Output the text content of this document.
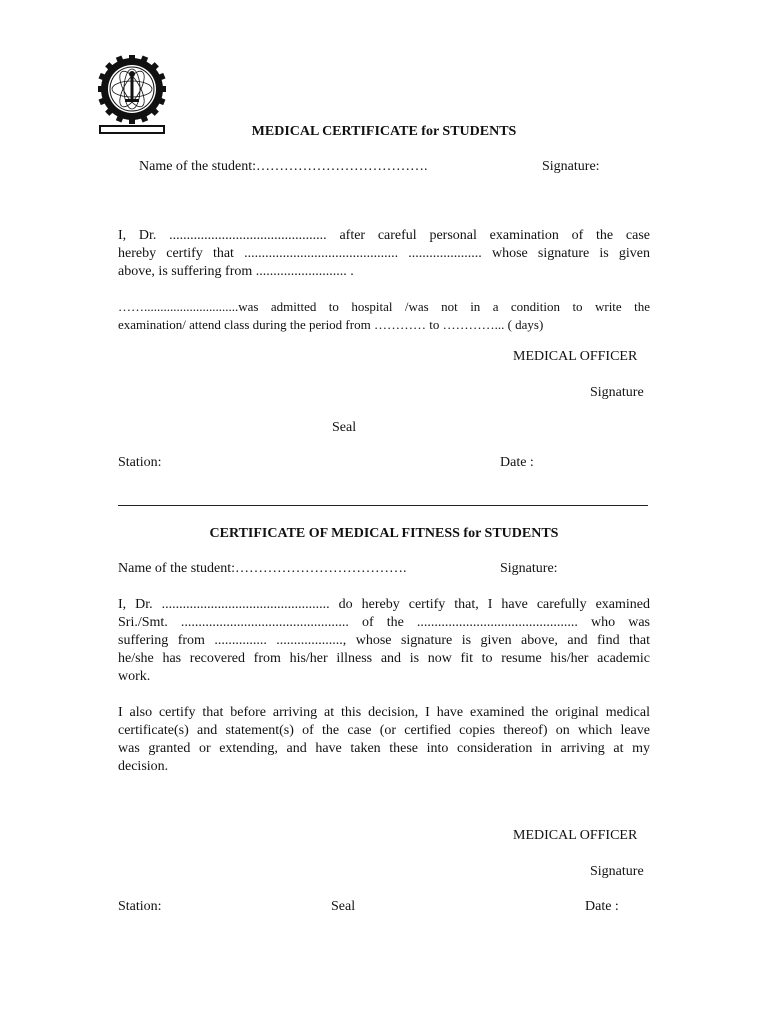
MEDICAL CERTIFICATE for STUDENTS
Name of the student:……………………………….	Signature:
I, Dr. ............................................. after careful personal examination of the case
hereby certify that ............................................ ..................... whose signature is given
above, is suffering from .......................... .
…….............................was admitted to hospital /was not in a condition to write the
examination/ attend class during the period from ………… to …………... ( days)
MEDICAL OFFICER
Signature
Seal
Station:	Date :
CERTIFICATE OF MEDICAL FITNESS for STUDENTS
Name of the student:……………………………….	Signature:
I, Dr. ................................................ do hereby certify that, I have carefully examined
Sri./Smt. ................................................ of the .............................................. who was
suffering from ............... ..................., whose signature is given above, and find that
he/she has recovered from his/her illness and is now fit to resume his/her academic
work.
I also certify that before arriving at this decision, I have examined the original medical
certificate(s) and statement(s) of the case (or certified copies thereof) on which leave
was granted or extending, and have taken these into consideration in arriving at my
decision.
MEDICAL OFFICER
Signature
Station:	Seal	Date :
